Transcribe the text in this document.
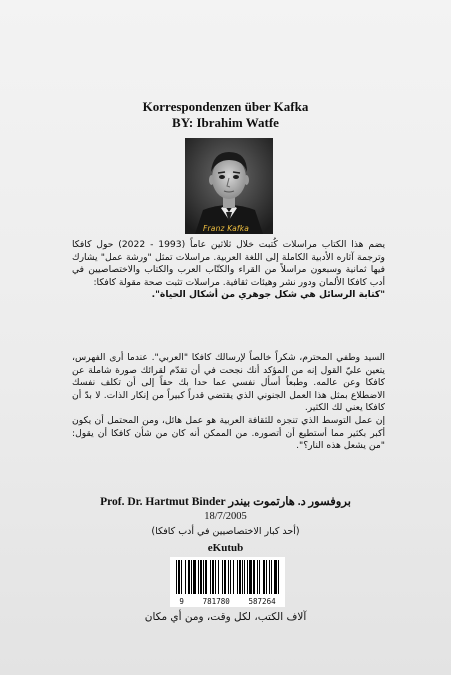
Korrespondenzen über Kafka
BY: Ibrahim Watfe
Franz Kafka
يضم هذا الكتاب مراسلات كُتبت خلال ثلاثين عاماً (1993 - 2022) حول كافكا وترجمة آثاره الأدبية الكاملة إلى اللغة العربية. مراسلات تمثل "ورشة عمل" يشارك فيها ثمانية وسبعون مراسلاً من القراء والكتّاب العرب والكتاب والاختصاصيين في أدب كافكا الألمان ودور نشر وهيئات ثقافية. مراسلات تثبت صحة مقولة كافكا:
"كتابة الرسائل هي شكل جوهري من أشكال الحياة".
السيد وطفي المحترم، شكراً خالصاً لإرسالك كافكا "العربي". عندما أرى الفهرس، يتعين عليّ القول إنه من المؤكد أنك نجحت في أن تقدّم لقرائك صورة شاملة عن كافكا وعن عالمه. وطبعاً أسأل نفسي عما حدا بك حقاً إلى أن تكلف نفسك الاضطلاع بمثل هذا العمل الجنوني الذي يقتضي قدراً كبيراً من إنكار الذات. لا بدّ أن كافكا يعني لك الكثير.
إن عمل التوسط الذي تنجزه للثقافة العربية هو عمل هائل، ومن المحتمل أن يكون أكبر بكثير مما أستطيع أن أتصوره. من الممكن أنه كان من شأن كافكا أن يقول: "من يشعل هذه النار؟".
بروفسور د. هارتموت بيندر Prof. Dr. Hartmut Binder
18/7/2005
(أحد كبار الاختصاصيين في أدب كافكا)
eKutub
9	781780	587264
آلاف الكتب، لكل وقت، ومن أي مكان
